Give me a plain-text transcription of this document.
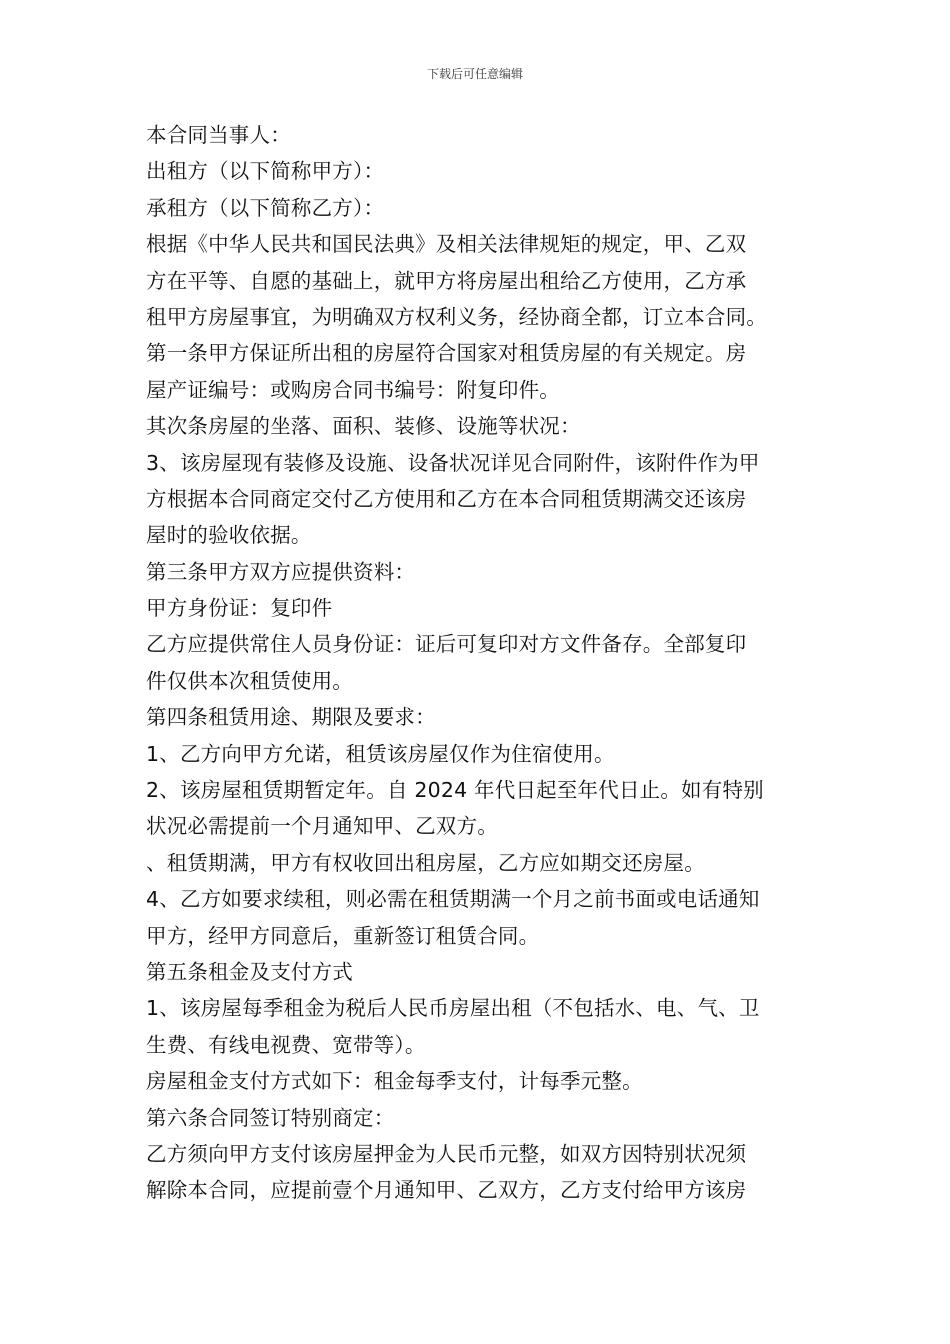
下载后可任意编辑
本合同当事人：
出租方（以下简称甲方）：
承租方（以下简称乙方）：
根据《中华人民共和国民法典》及相关法律规矩的规定，甲、乙双
方在平等、自愿的基础上，就甲方将房屋出租给乙方使用，乙方承
租甲方房屋事宜，为明确双方权利义务，经协商全都，订立本合同。
第一条甲方保证所出租的房屋符合国家对租赁房屋的有关规定。房
屋产证编号：或购房合同书编号：附复印件。
其次条房屋的坐落、面积、装修、设施等状况：
3、该房屋现有装修及设施、设备状况详见合同附件，该附件作为甲
方根据本合同商定交付乙方使用和乙方在本合同租赁期满交还该房
屋时的验收依据。
第三条甲方双方应提供资料：
甲方身份证：复印件
乙方应提供常住人员身份证：证后可复印对方文件备存。全部复印
件仅供本次租赁使用。
第四条租赁用途、期限及要求：
1、乙方向甲方允诺，租赁该房屋仅作为住宿使用。
2、该房屋租赁期暂定年。自 2024 年代日起至年代日止。如有特别
状况必需提前一个月通知甲、乙双方。
、租赁期满，甲方有权收回出租房屋，乙方应如期交还房屋。
4、乙方如要求续租，则必需在租赁期满一个月之前书面或电话通知
甲方，经甲方同意后，重新签订租赁合同。
第五条租金及支付方式
1、该房屋每季租金为税后人民币房屋出租（不包括水、电、气、卫
生费、有线电视费、宽带等）。
房屋租金支付方式如下：租金每季支付，计每季元整。
第六条合同签订特别商定：
乙方须向甲方支付该房屋押金为人民币元整，如双方因特别状况须
解除本合同，应提前壹个月通知甲、乙双方，乙方支付给甲方该房
